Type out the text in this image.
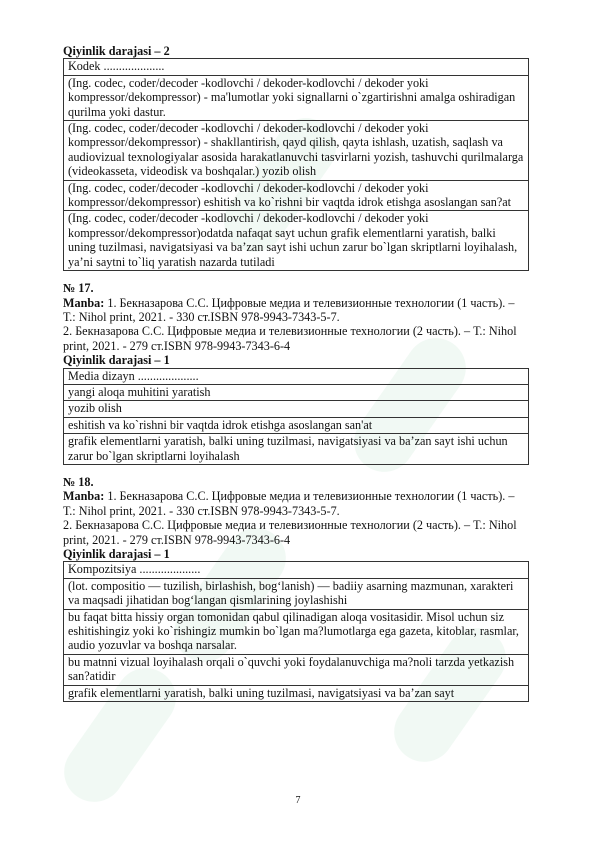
Qiyinlik darajasi – 2
Kodek ....................
(Ing. codec, coder/decoder -kodlovchi / dekoder-kodlovchi / dekoder yoki kompressor/dekompressor) - ma'lumotlar yoki signallarni o`zgartirishni amalga oshiradigan qurilma yoki dastur.
(Ing. codec, coder/decoder -kodlovchi / dekoder-kodlovchi / dekoder yoki kompressor/dekompressor) - shakllantirish, qayd qilish, qayta ishlash, uzatish, saqlash va audiovizual texnologiyalar asosida harakatlanuvchi tasvirlarni yozish, tashuvchi qurilmalarga (videokasseta, videodisk va boshqalar.) yozib olish
(Ing. codec, coder/decoder -kodlovchi / dekoder-kodlovchi / dekoder yoki kompressor/dekompressor) eshitish va ko`rishni bir vaqtda idrok etishga asoslangan san?at
(Ing. codec, coder/decoder -kodlovchi / dekoder-kodlovchi / dekoder yoki kompressor/dekompressor)odatda nafaqat sayt uchun grafik elementlarni yaratish, balki uning tuzilmasi, navigatsiyasi va ba’zan sayt ishi uchun zarur bo`lgan skriptlarni loyihalash, ya’ni saytni to`liq yaratish nazarda tutiladi
№ 17.
Manba: 1. Бекназарова С.С. Цифровые медиа и телевизионные технологии (1 часть). – Т.: Nihol print, 2021. - 330 ст.ISBN 978-9943-7343-5-7.
2. Бекназарова С.С. Цифровые медиа и телевизионные технологии (2 часть). – Т.: Nihol print, 2021. - 279 ст.ISBN 978-9943-7343-6-4
Qiyinlik darajasi – 1
Media dizayn ....................
yangi aloqa muhitini yaratish
yozib olish
eshitish va ko`rishni bir vaqtda idrok etishga asoslangan san'at
grafik elementlarni yaratish, balki uning tuzilmasi, navigatsiyasi va ba’zan sayt ishi uchun zarur bo`lgan skriptlarni loyihalash
№ 18.
Manba: 1. Бекназарова С.С. Цифровые медиа и телевизионные технологии (1 часть). – Т.: Nihol print, 2021. - 330 ст.ISBN 978-9943-7343-5-7.
2. Бекназарова С.С. Цифровые медиа и телевизионные технологии (2 часть). – Т.: Nihol print, 2021. - 279 ст.ISBN 978-9943-7343-6-4
Qiyinlik darajasi – 1
Kompozitsiya ....................
(lot. compositio — tuzilish, birlashish, bog‘lanish) — badiiy asarning mazmunan, xarakteri va maqsadi jihatidan bog‘langan qismlarining joylashishi
bu faqat bitta hissiy organ tomonidan qabul qilinadigan aloqa vositasidir. Misol uchun siz eshitishingiz yoki ko`rishingiz mumkin bo`lgan ma?lumotlarga ega gazeta, kitoblar, rasmlar, audio yozuvlar va boshqa narsalar.
bu matnni vizual loyihalash orqali o`quvchi yoki foydalanuvchiga ma?noli tarzda yetkazish san?atidir
grafik elementlarni yaratish, balki uning tuzilmasi, navigatsiyasi va ba’zan sayt
7
